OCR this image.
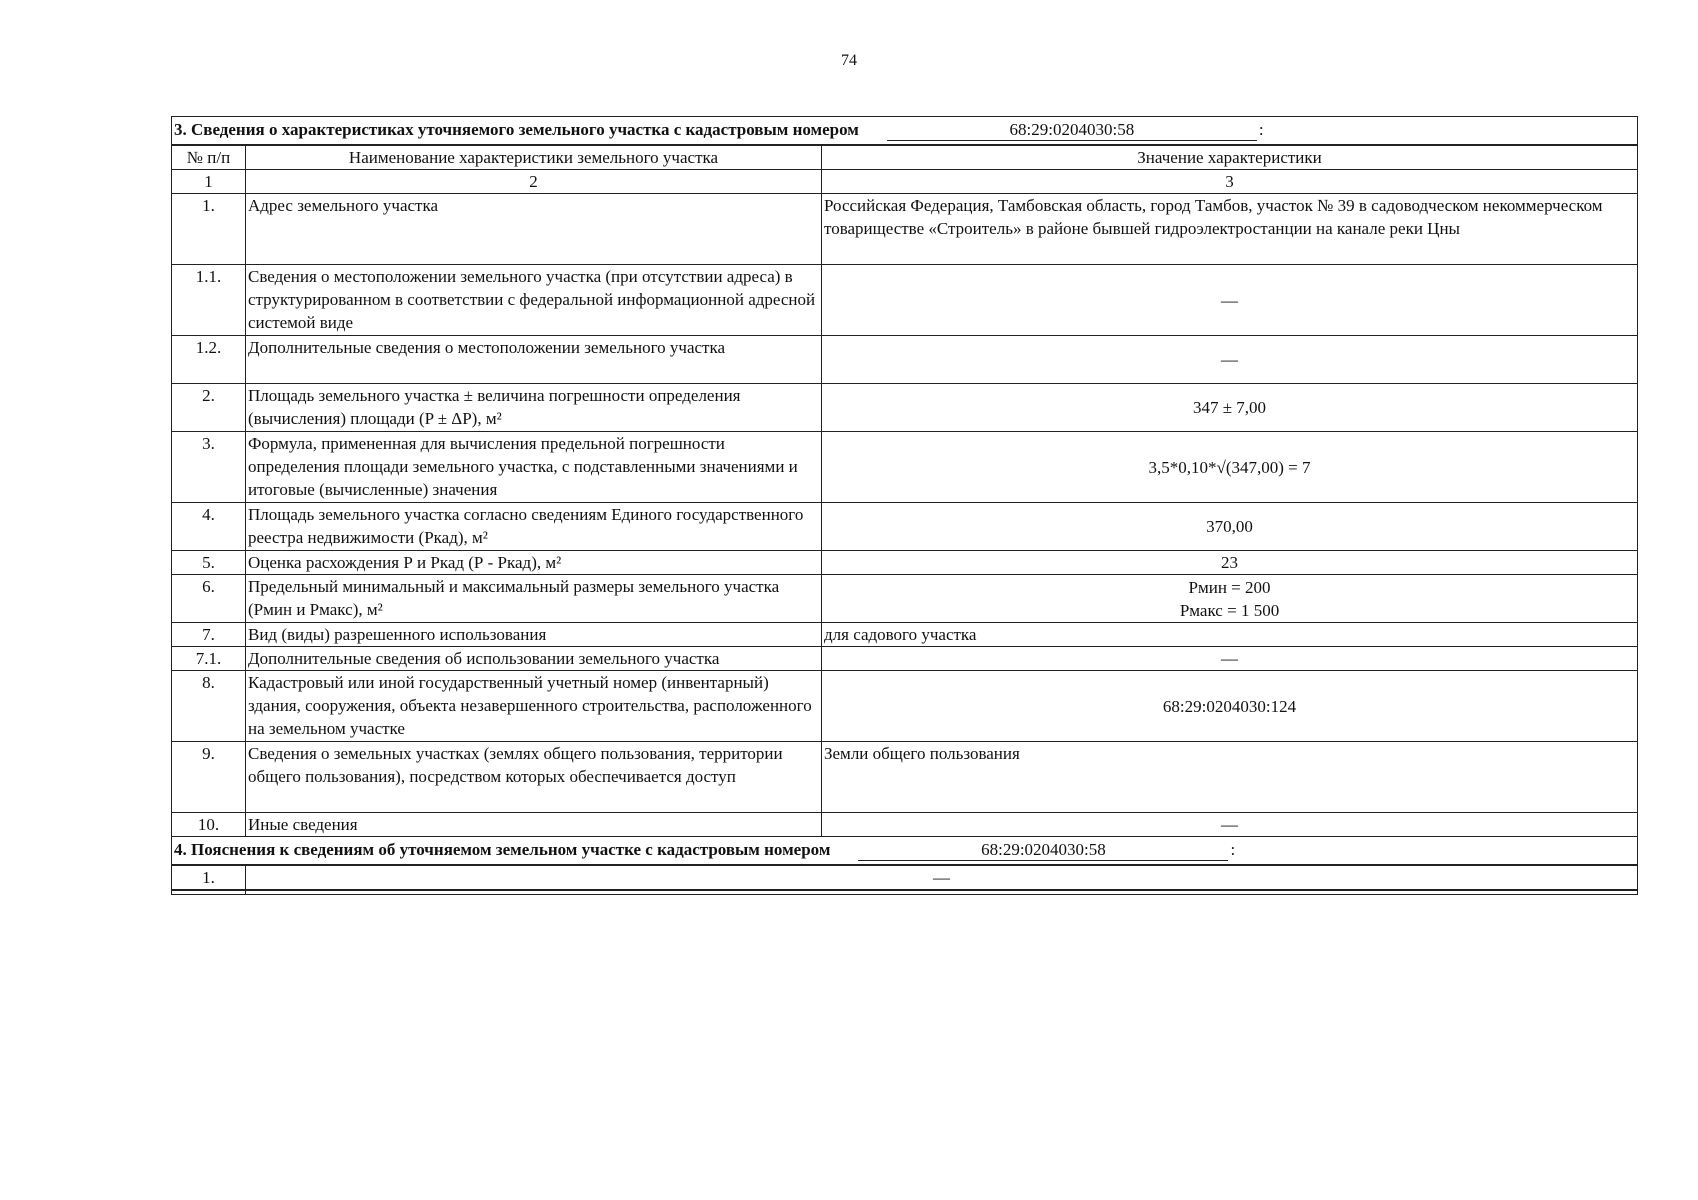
74
3. Сведения о характеристиках уточняемого земельного участка с кадастровым номером 68:29:0204030:58 :		
№ п/п	Наименование характеристики земельного участка	Значение характеристики
1	2	3
1.	Адрес земельного участка	Российская Федерация, Тамбовская область, город Тамбов, участок № 39 в садоводческом некоммерческом товариществе «Строитель» в районе бывшей гидроэлектростанции на канале реки Цны
1.1.	Сведения о местоположении земельного участка (при отсутствии адреса) в структурированном в соответствии с федеральной информационной адресной системой виде	—
1.2.	Дополнительные сведения о местоположении земельного участка	—
2.	Площадь земельного участка ± величина погрешности определения (вычисления) площади (P ± ΔP), м²	347 ± 7,00
3.	Формула, примененная для вычисления предельной погрешности определения площади земельного участка, с подставленными значениями и итоговые (вычисленные) значения	3,5*0,10*√(347,00) = 7
4.	Площадь земельного участка согласно сведениям Единого государственного реестра недвижимости (Ркад), м²	370,00
5.	Оценка расхождения Р и Ркад (Р - Ркад), м²	23
6.	Предельный минимальный и максимальный размеры земельного участка (Рмин и Рмакс), м²	Рмин = 200
Рмакс = 1 500

7.	Вид (виды) разрешенного использования	для садового участка
7.1.	Дополнительные сведения об использовании земельного участка	—
8.	Кадастровый или иной государственный учетный номер (инвентарный) здания, сооружения, объекта незавершенного строительства, расположенного на земельном участке	68:29:0204030:124
9.	Сведения о земельных участках (землях общего пользования, территории общего пользования), посредством которых обеспечивается доступ	Земли общего пользования
10.	Иные сведения	—
4. Пояснения к сведениям об уточняемом земельном участке с кадастровым номером 68:29:0204030:58 :		
1.	—	
